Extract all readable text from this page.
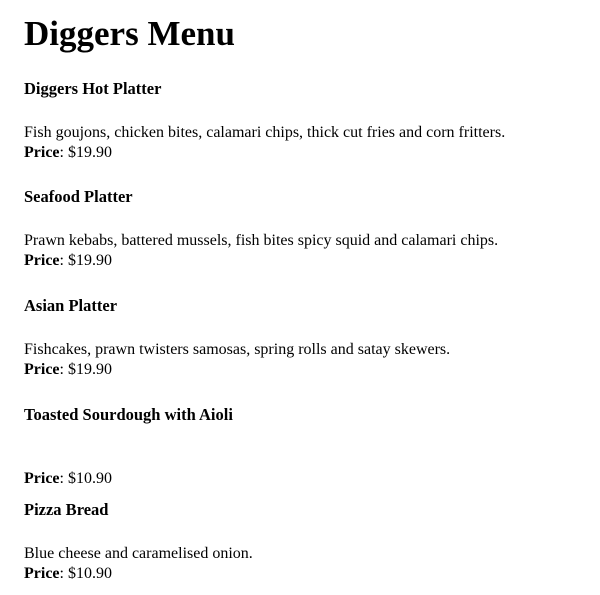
Diggers Menu
Diggers Hot Platter
Fish goujons, chicken bites, calamari chips, thick cut fries and corn fritters.
Price: $19.90
Seafood Platter
Prawn kebabs, battered mussels, fish bites spicy squid and calamari chips.
Price: $19.90
Asian Platter
Fishcakes, prawn twisters samosas, spring rolls and satay skewers.
Price: $19.90
Toasted Sourdough with Aioli
Price: $10.90
Pizza Bread
Blue cheese and caramelised onion.
Price: $10.90
